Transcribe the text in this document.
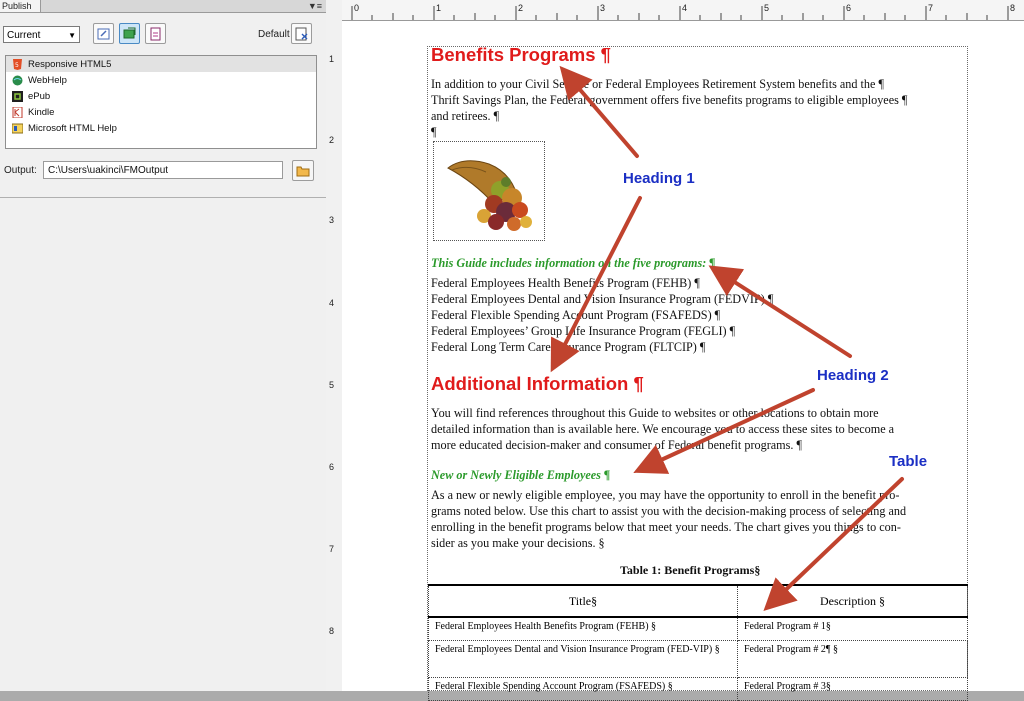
Publish	▼≡
Current	▼	Default
5 Responsive HTML5
WebHelp
ePub
Kindle
Microsoft HTML Help
Output:	C:\Users\uakinci\FMOutput
1
2
3
4
5
6
7
8
0	1	2	3	4	5	6	7	8
Benefits Programs ¶
In addition to your Civil Service or Federal Employees Retirement System benefits and the ¶
Thrift Savings Plan, the Federal government offers five benefits programs to eligible employees ¶
and retirees. ¶
¶
This Guide includes information on the five programs: ¶
Federal Employees Health Benefits Program (FEHB) ¶
Federal Employees Dental and Vision Insurance Program (FEDVIP) ¶
Federal Flexible Spending Account Program (FSAFEDS) ¶
Federal Employees’ Group Life Insurance Program (FEGLI) ¶
Federal Long Term Care Insurance Program (FLTCIP) ¶
Additional Information ¶
You will find references throughout this Guide to websites or other locations to obtain more
detailed information than is available here. We encourage you to access these sites to become a
more educated decision-maker and consumer of Federal benefit programs. ¶
New or Newly Eligible Employees ¶
As a new or newly eligible employee, you may have the opportunity to enroll in the benefit pro-
grams noted below. Use this chart to assist you with the decision-making process of selecting and
enrolling in the benefit programs below that meet your needs. The chart gives you things to con-
sider as you make your decisions. §
Table 1: Benefit Programs§
Title§	Description §
Federal Employees Health Benefits Program (FEHB) §	Federal Program # 1§
Federal Employees Dental and Vision Insurance Program (FED-VIP) §	Federal Program # 2¶ §
Federal Flexible Spending Account Program (FSAFEDS) §	Federal Program # 3§
Heading 1
Heading 2
Table
